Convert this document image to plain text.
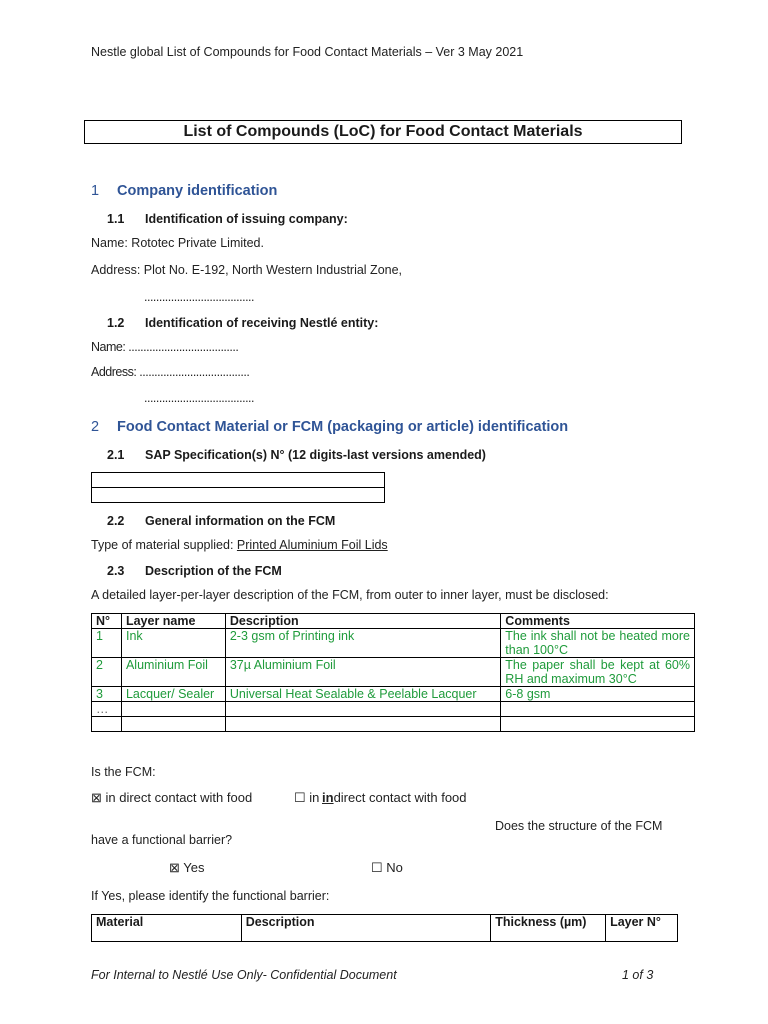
Nestle global List of Compounds for Food Contact Materials – Ver 3 May 2021
List of Compounds (LoC) for Food Contact Materials
1 Company identification
1.1 Identification of issuing company:
Name: Rototec Private Limited.
Address: Plot No. E-192, North Western Industrial Zone,
.....................................
1.2 Identification of receiving Nestlé entity:
Name: .....................................
Address: .....................................
.....................................
2 Food Contact Material or FCM (packaging or article) identification
2.1 SAP Specification(s) N° (12 digits-last versions amended)

2.2 General information on the FCM
Type of material supplied: Printed Aluminium Foil Lids
2.3 Description of the FCM
A detailed layer-per-layer description of the FCM, from outer to inner layer, must be disclosed:
N°	Layer name	Description	Comments
1	Ink	2-3 gsm of Printing ink	The ink shall not be heated more than 100°C
2	Aluminium Foil	37µ Aluminium Foil	The paper shall be kept at 60% RH and maximum 30°C
3	Lacquer/ Sealer	Universal Heat Sealable & Peelable Lacquer	6-8 gsm
…			

Is the FCM:
⊠ in direct contact with food	☐ in indirect contact with food
Does the structure of the FCM
have a functional barrier?
⊠ Yes	☐ No
If Yes, please identify the functional barrier:
Material	Description	Thickness (µm)	Layer N°
For Internal to Nestlé Use Only- Confidential Document	1 of 3
